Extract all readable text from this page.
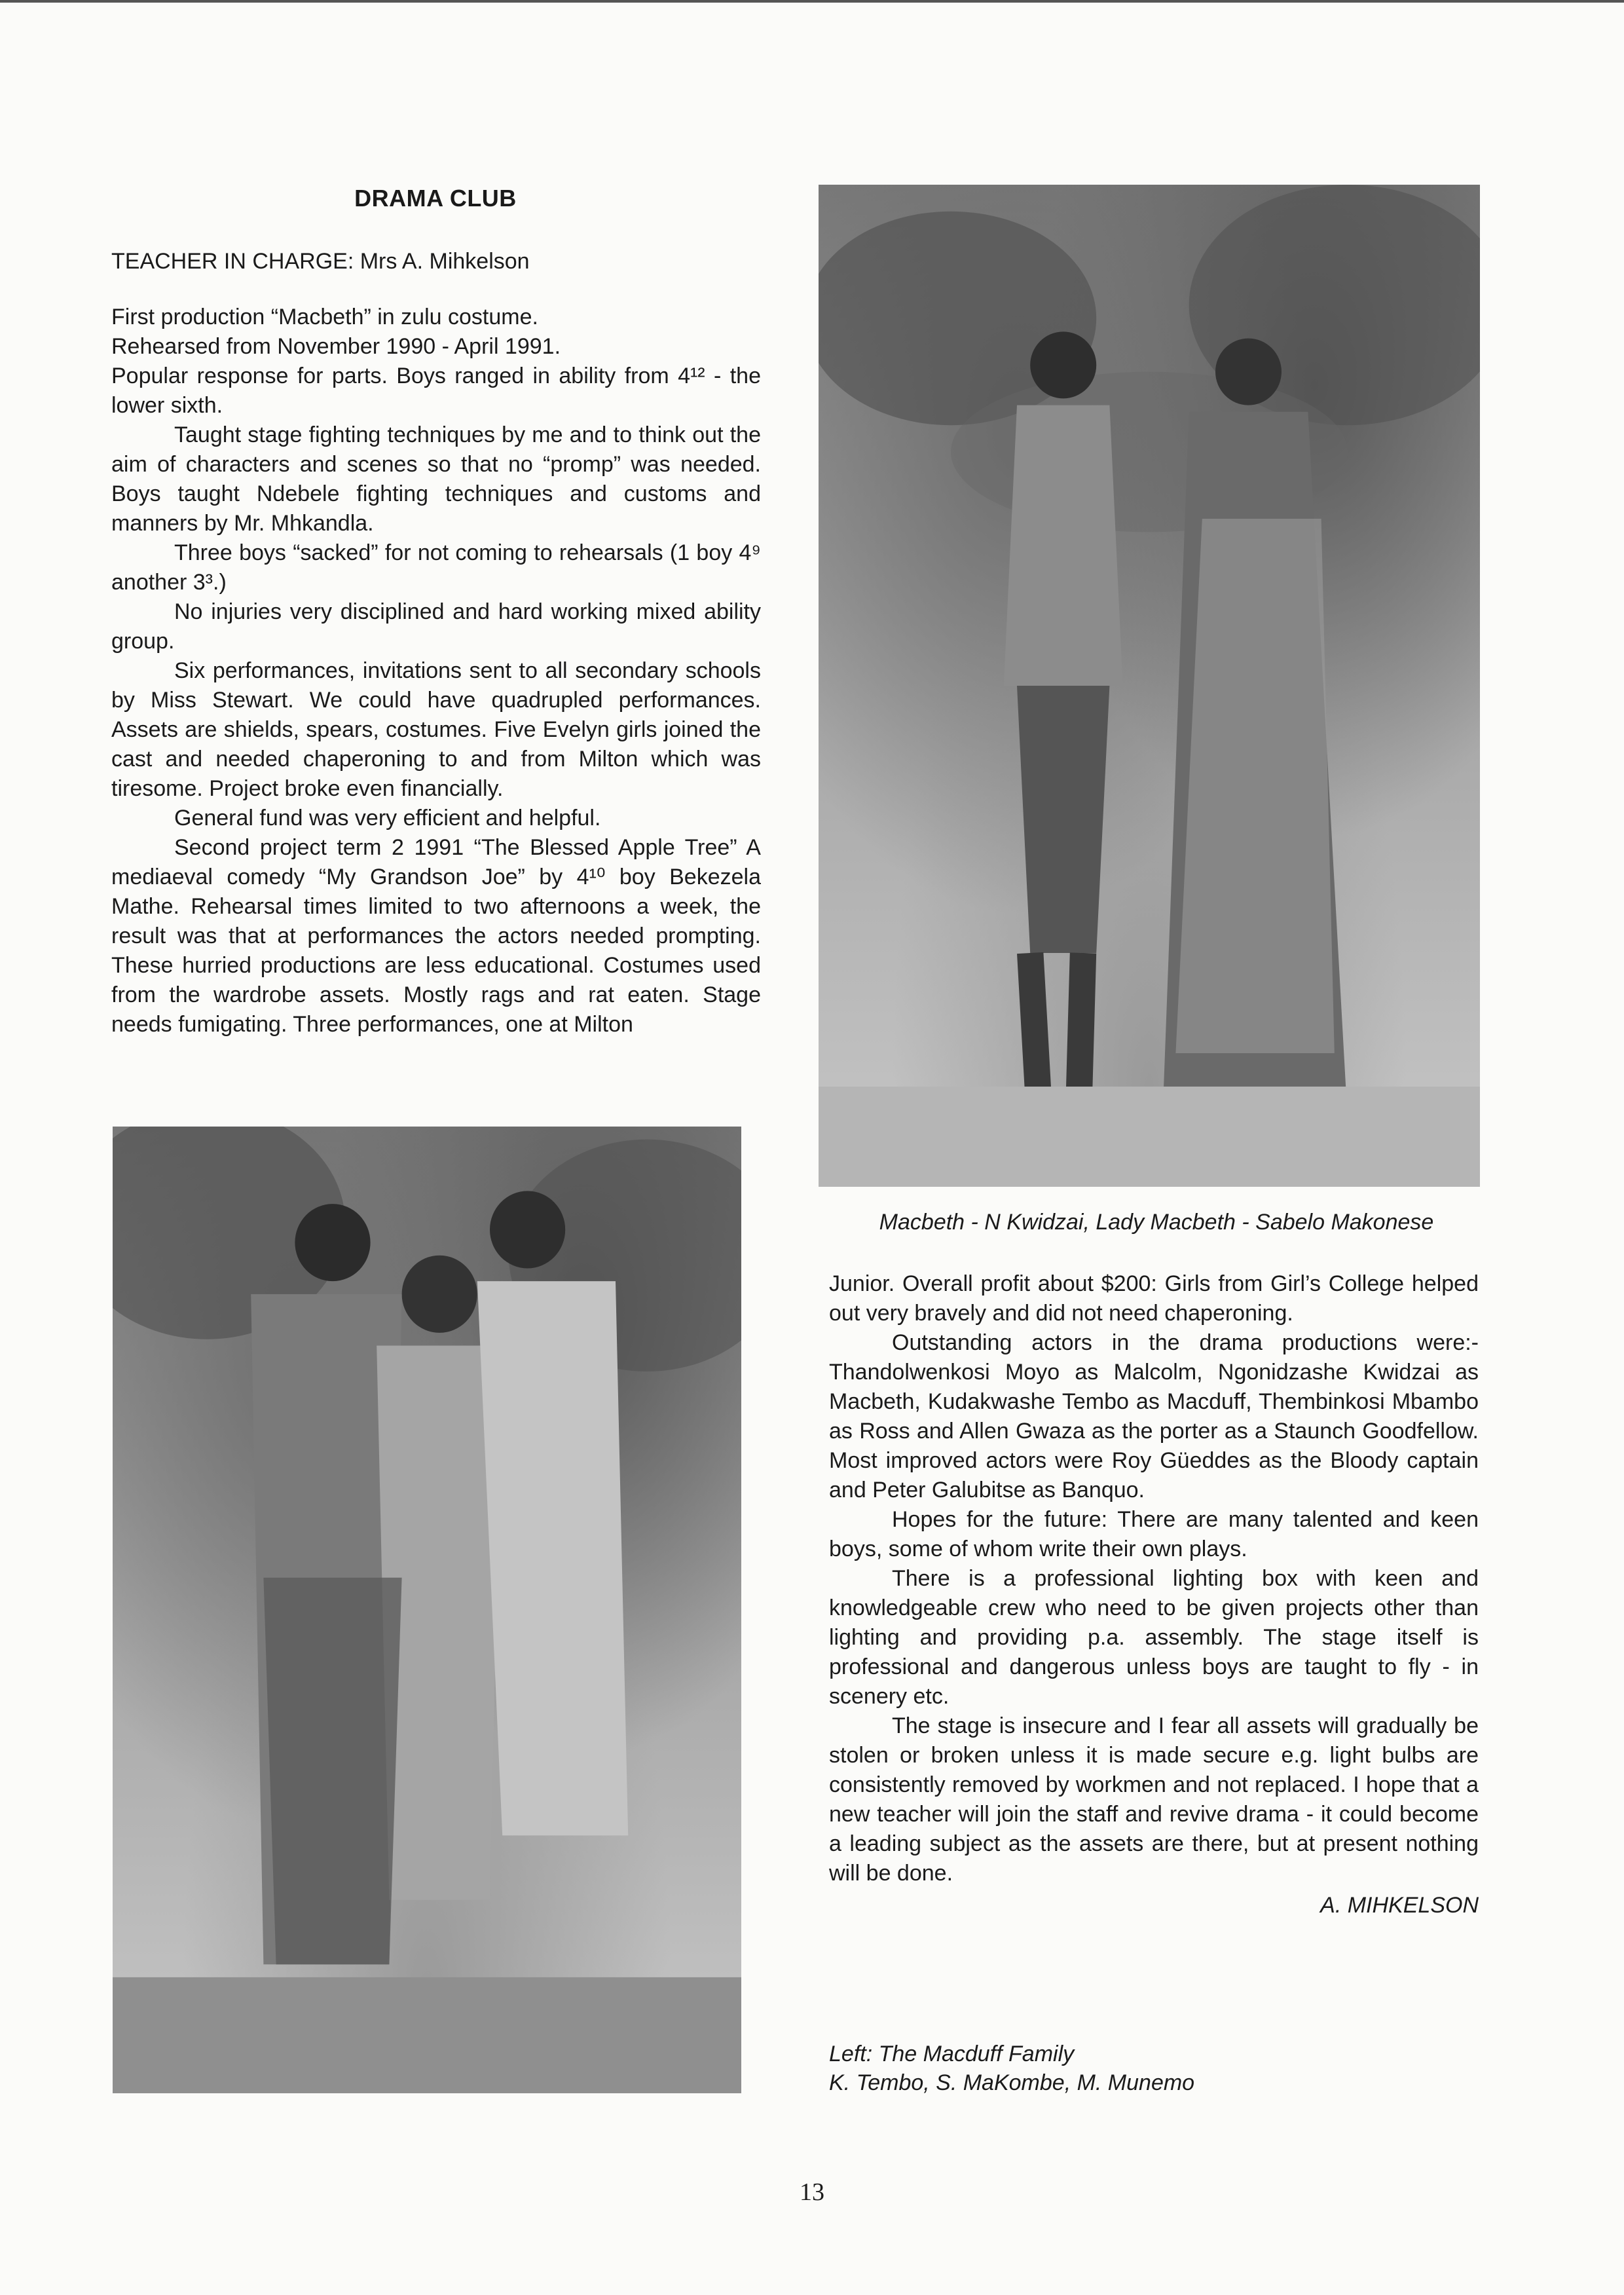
DRAMA CLUB
TEACHER IN CHARGE: Mrs A. Mihkelson

First production “Macbeth” in zulu costume.

Rehearsed from November 1990 - April 1991.

Popular response for parts. Boys ranged in ability from 4¹² - the lower sixth.

Taught stage fighting techniques by me and to think out the aim of characters and scenes so that no “promp” was needed. Boys taught Ndebele fighting techniques and customs and manners by Mr. Mhkandla.

Three boys “sacked” for not coming to rehearsals (1 boy 4⁹ another 3³.)

No injuries very disciplined and hard working mixed ability group.

Six performances, invitations sent to all secondary schools by Miss Stewart. We could have quadrupled performances. Assets are shields, spears, costumes. Five Evelyn girls joined the cast and needed chaperoning to and from Milton which was tiresome. Project broke even financially.

General fund was very efficient and helpful.

Second project term 2 1991 “The Blessed Apple Tree” A mediaeval comedy “My Grandson Joe” by 4¹⁰ boy Bekezela Mathe. Rehearsal times limited to two afternoons a week, the result was that at performances the actors needed prompting. These hurried productions are less educational. Costumes used from the wardrobe assets. Mostly rags and rat eaten. Stage needs fumigating. Three performances, one at Milton

Macbeth - N Kwidzai, Lady Macbeth - Sabelo Makonese

Junior. Overall profit about $200: Girls from Girl’s College helped out very bravely and did not need chaperoning.

Outstanding actors in the drama productions were:- Thandolwenkosi Moyo as Malcolm, Ngonidzashe Kwidzai as Macbeth, Kudakwashe Tembo as Macduff, Thembinkosi Mbambo as Ross and Allen Gwaza as the porter as a Staunch Goodfellow. Most improved actors were Roy Güeddes as the Bloody captain and Peter Galubitse as Banquo.

Hopes for the future: There are many talented and keen boys, some of whom write their own plays.

There is a professional lighting box with keen and knowledgeable crew who need to be given projects other than lighting and providing p.a. assembly. The stage itself is professional and dangerous unless boys are taught to fly - in scenery etc.

The stage is insecure and I fear all assets will gradually be stolen or broken unless it is made secure e.g. light bulbs are consistently removed by workmen and not replaced. I hope that a new teacher will join the staff and revive drama - it could become a leading subject as the assets are there, but at present nothing will be done.

A. MIHKELSON
Left: The Macduff Family
K. Tembo, S. MaKombe, M. Munemo
13
